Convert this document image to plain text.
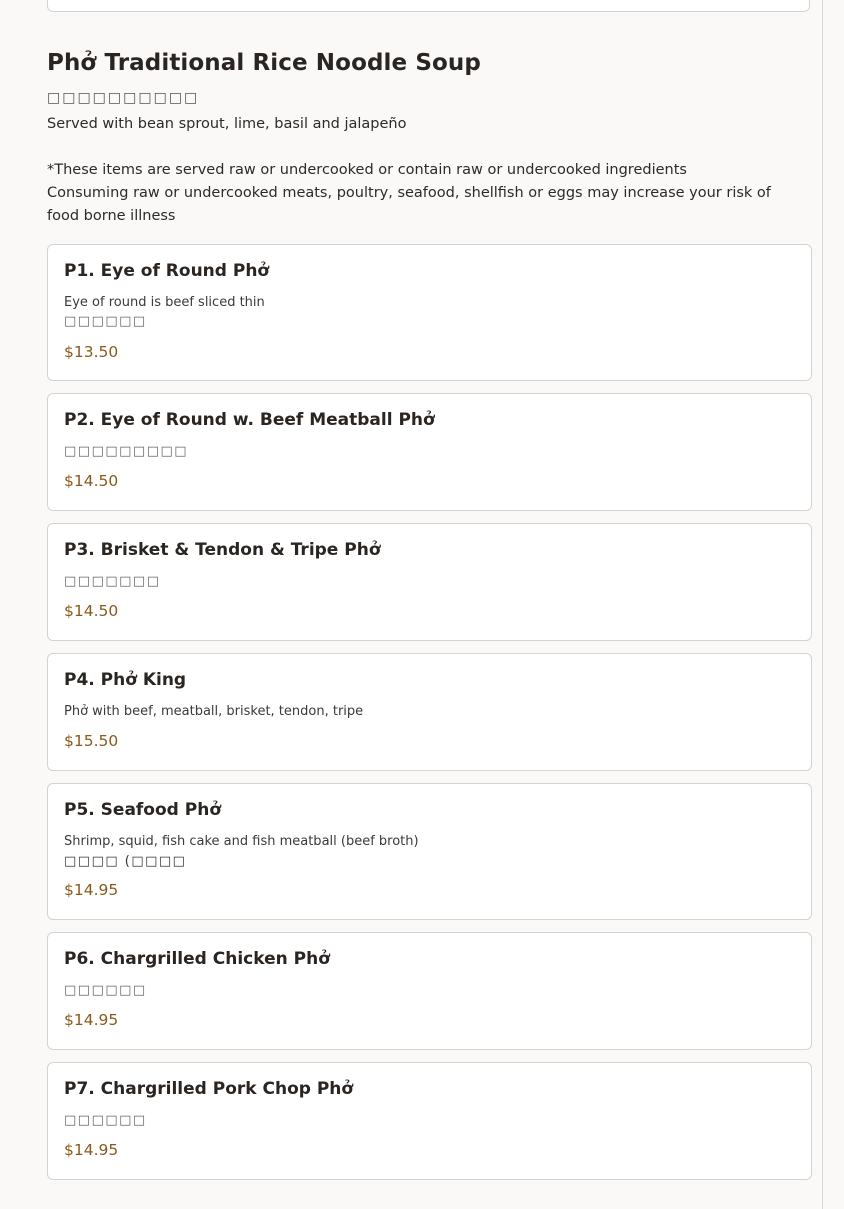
Phở Traditional Rice Noodle Soup
□□□□□□□□□□

Served with bean sprout, lime, basil and jalapeño

*These items are served raw or undercooked or contain raw or undercooked ingredients

Consuming raw or undercooked meats, poultry, seafood, shellfish or eggs may increase your risk of food borne illness

P1. Eye of Round Phở
Eye of round is beef sliced thin
□□□□□□
$13.50
P2. Eye of Round w. Beef Meatball Phở
□□□□□□□□□
$14.50
P3. Brisket & Tendon & Tripe Phở
□□□□□□□
$14.50
P4. Phở King
Phở with beef, meatball, brisket, tendon, tripe
$15.50
P5. Seafood Phở
Shrimp, squid, fish cake and fish meatball (beef broth)
□□□□ (□□□□
$14.95
P6. Chargrilled Chicken Phở
□□□□□□
$14.95
P7. Chargrilled Pork Chop Phở
□□□□□□
$14.95
